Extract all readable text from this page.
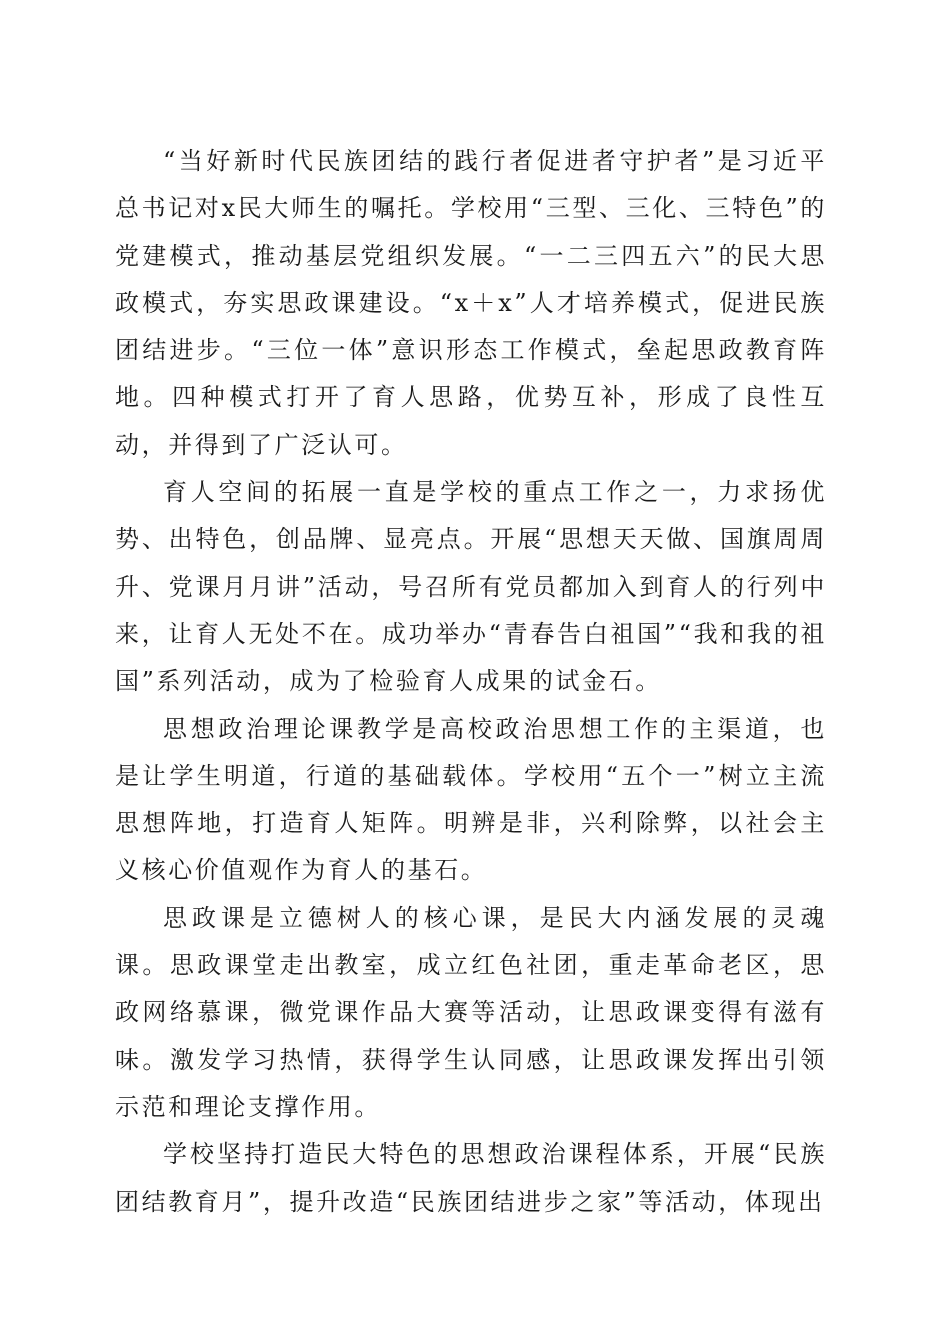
“当好新时代民族团结的践行者促进者守护者”是习近平总书记对x民大师生的嘱托。学校用“三型、三化、三特色”的党建模式，推动基层党组织发展。“一二三四五六”的民大思政模式，夯实思政课建设。“x＋x”人才培养模式，促进民族团结进步。“三位一体”意识形态工作模式，垒起思政教育阵地。四种模式打开了育人思路，优势互补，形成了良性互动，并得到了广泛认可。

育人空间的拓展一直是学校的重点工作之一，力求扬优势、出特色，创品牌、显亮点。开展“思想天天做、国旗周周升、党课月月讲”活动，号召所有党员都加入到育人的行列中来，让育人无处不在。成功举办“青春告白祖国”“我和我的祖国”系列活动，成为了检验育人成果的试金石。

思想政治理论课教学是高校政治思想工作的主渠道，也是让学生明道，行道的基础载体。学校用“五个一”树立主流思想阵地，打造育人矩阵。明辨是非，兴利除弊，以社会主义核心价值观作为育人的基石。

思政课是立德树人的核心课，是民大内涵发展的灵魂课。思政课堂走出教室，成立红色社团，重走革命老区，思政网络慕课，微党课作品大赛等活动，让思政课变得有滋有味。激发学习热情，获得学生认同感，让思政课发挥出引领示范和理论支撑作用。

学校坚持打造民大特色的思想政治课程体系，开展“民族团结教育月”，提升改造“民族团结进步之家”等活动，体现出
